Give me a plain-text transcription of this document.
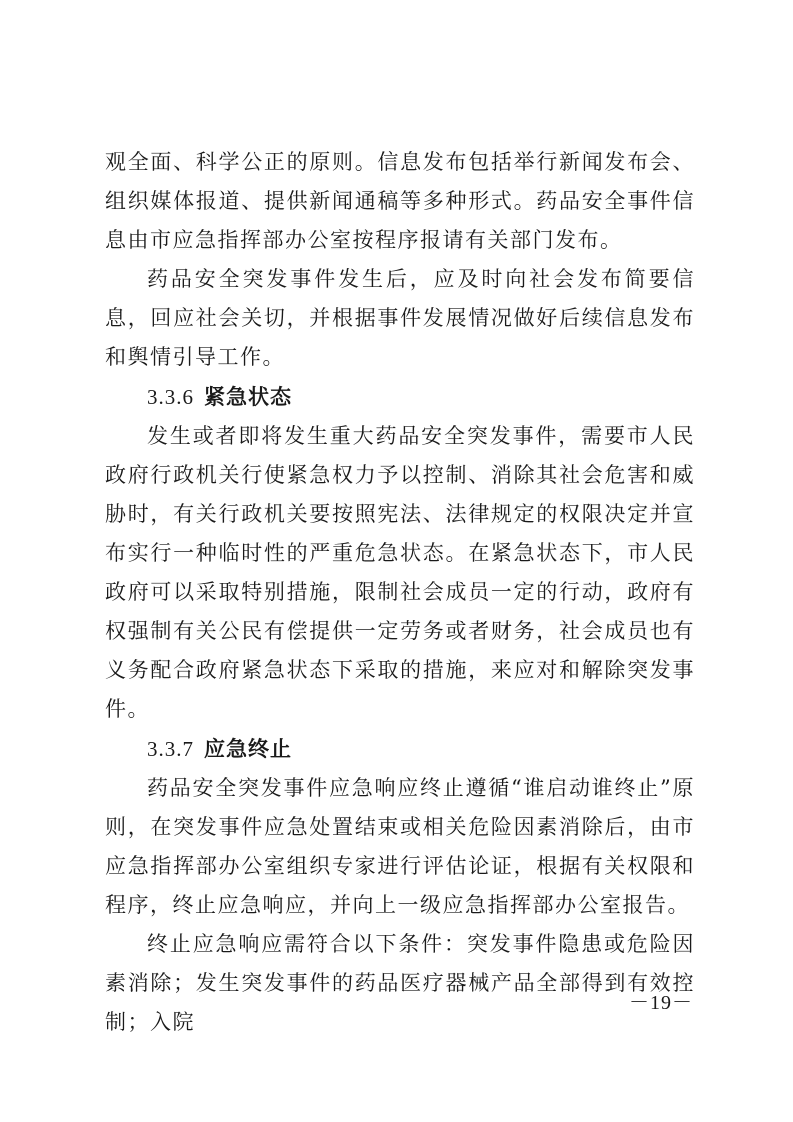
观全面、科学公正的原则。信息发布包括举行新闻发布会、组织媒体报道、提供新闻通稿等多种形式。药品安全事件信息由市应急指挥部办公室按程序报请有关部门发布。

药品安全突发事件发生后，应及时向社会发布简要信息，回应社会关切，并根据事件发展情况做好后续信息发布和舆情引导工作。

3.3.6 紧急状态

发生或者即将发生重大药品安全突发事件，需要市人民政府行政机关行使紧急权力予以控制、消除其社会危害和威胁时，有关行政机关要按照宪法、法律规定的权限决定并宣布实行一种临时性的严重危急状态。在紧急状态下，市人民政府可以采取特别措施，限制社会成员一定的行动，政府有权强制有关公民有偿提供一定劳务或者财务，社会成员也有义务配合政府紧急状态下采取的措施，来应对和解除突发事件。

3.3.7 应急终止

药品安全突发事件应急响应终止遵循“谁启动谁终止”原则，在突发事件应急处置结束或相关危险因素消除后，由市应急指挥部办公室组织专家进行评估论证，根据有关权限和程序，终止应急响应，并向上一级应急指挥部办公室报告。

终止应急响应需符合以下条件：突发事件隐患或危险因素消除；发生突发事件的药品医疗器械产品全部得到有效控制；入院

－19－
